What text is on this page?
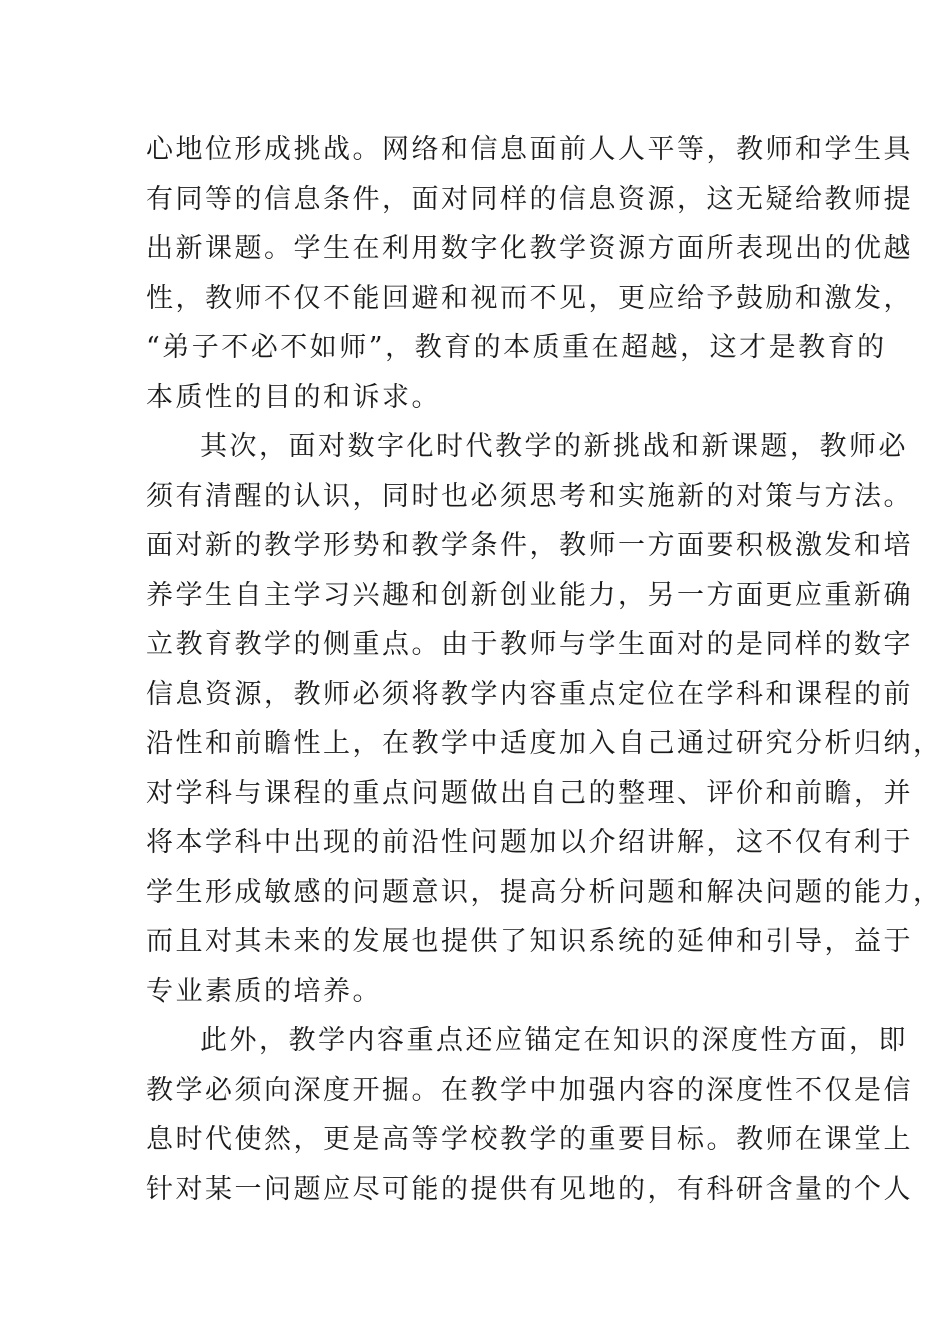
心地位形成挑战。网络和信息面前人人平等，教师和学生具
有同等的信息条件，面对同样的信息资源，这无疑给教师提
出新课题。学生在利用数字化教学资源方面所表现出的优越
性，教师不仅不能回避和视而不见，更应给予鼓励和激发，
“弟子不必不如师”，教育的本质重在超越，这才是教育的
本质性的目的和诉求。
其次，面对数字化时代教学的新挑战和新课题，教师必
须有清醒的认识，同时也必须思考和实施新的对策与方法。
面对新的教学形势和教学条件，教师一方面要积极激发和培
养学生自主学习兴趣和创新创业能力，另一方面更应重新确
立教育教学的侧重点。由于教师与学生面对的是同样的数字
信息资源，教师必须将教学内容重点定位在学科和课程的前
沿性和前瞻性上，在教学中适度加入自己通过研究分析归纳，
对学科与课程的重点问题做出自己的整理、评价和前瞻，并
将本学科中出现的前沿性问题加以介绍讲解，这不仅有利于
学生形成敏感的问题意识，提高分析问题和解决问题的能力，
而且对其未来的发展也提供了知识系统的延伸和引导，益于
专业素质的培养。
此外，教学内容重点还应锚定在知识的深度性方面，即
教学必须向深度开掘。在教学中加强内容的深度性不仅是信
息时代使然，更是高等学校教学的重要目标。教师在课堂上
针对某一问题应尽可能的提供有见地的，有科研含量的个人
